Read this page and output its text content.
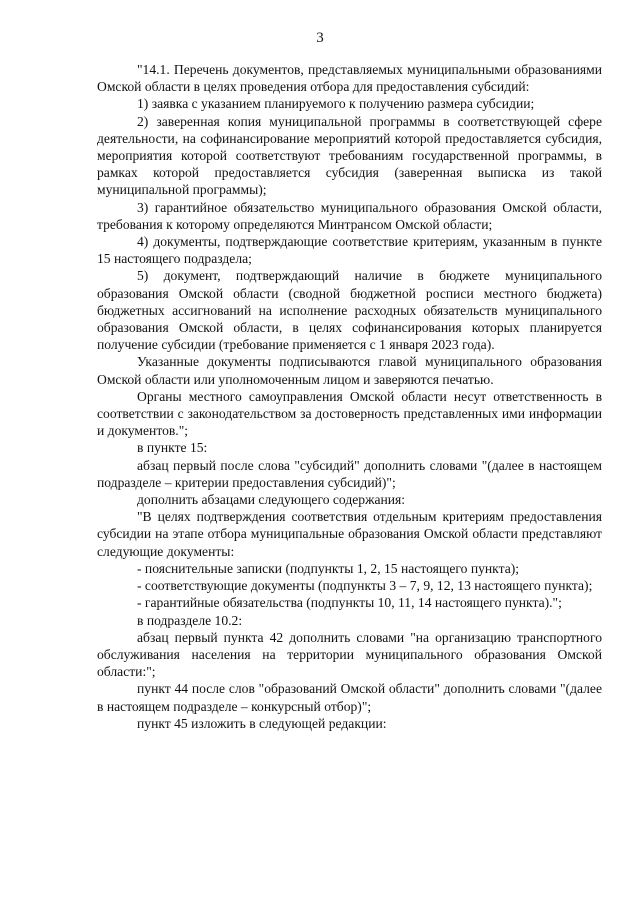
3

"14.1. Перечень документов, представляемых муниципальными образованиями Омской области в целях проведения отбора для предоставления субсидий:

1) заявка с указанием планируемого к получению размера субсидии;

2) заверенная копия муниципальной программы в соответствующей сфере деятельности, на софинансирование мероприятий которой предоставляется субсидия, мероприятия которой соответствуют требованиям государственной программы, в рамках которой предоставляется субсидия (заверенная выписка из такой муниципальной программы);

3) гарантийное обязательство муниципального образования Омской области, требования к которому определяются Минтрансом Омской области;

4) документы, подтверждающие соответствие критериям, указанным в пункте 15 настоящего подраздела;

5) документ, подтверждающий наличие в бюджете муниципального образования Омской области (сводной бюджетной росписи местного бюджета) бюджетных ассигнований на исполнение расходных обязательств муниципального образования Омской области, в целях софинансирования которых планируется получение субсидии (требование применяется с 1 января 2023 года).

Указанные документы подписываются главой муниципального образования Омской области или уполномоченным лицом и заверяются печатью.

Органы местного самоуправления Омской области несут ответственность в соответствии с законодательством за достоверность представленных ими информации и документов.";

в пункте 15:

абзац первый после слова "субсидий" дополнить словами "(далее в настоящем подразделе – критерии предоставления субсидий)";

дополнить абзацами следующего содержания:

"В целях подтверждения соответствия отдельным критериям предоставления субсидии на этапе отбора муниципальные образования Омской области представляют следующие документы:

- пояснительные записки (подпункты 1, 2, 15 настоящего пункта);

- соответствующие документы (подпункты 3 – 7, 9, 12, 13 настоящего пункта);

- гарантийные обязательства (подпункты 10, 11, 14 настоящего пункта).";

в подразделе 10.2:

абзац первый пункта 42 дополнить словами "на организацию транспортного обслуживания населения на территории муниципального образования Омской области:";

пункт 44 после слов "образований Омской области" дополнить словами "(далее в настоящем подразделе – конкурсный отбор)";

пункт 45 изложить в следующей редакции:
